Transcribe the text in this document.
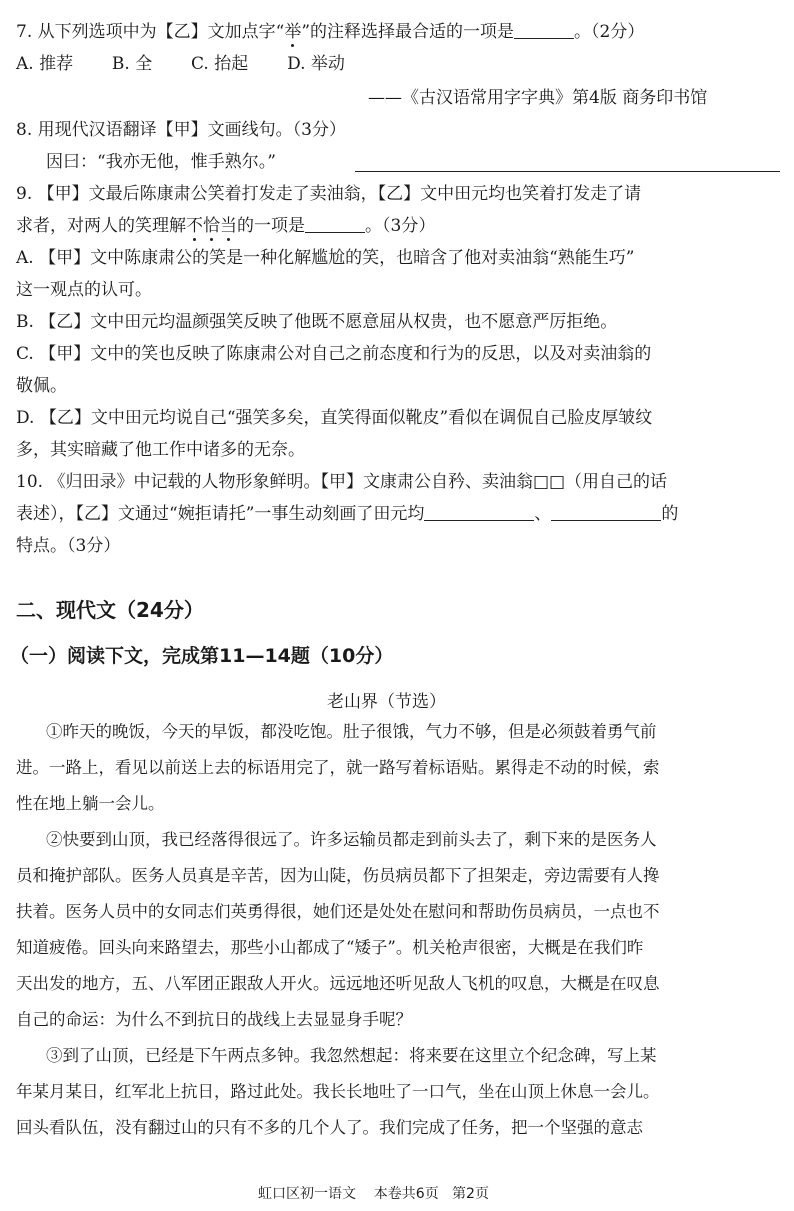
7. 从下列选项中为【乙】文加点字“举”的注释选择最合适的一项是	。（2分）
A. 推荐 B. 全 C. 抬起 D. 举动
——《古汉语常用字字典》第4版 商务印书馆
8. 用现代汉语翻译【甲】文画线句。（3分）
因曰：“我亦无他，惟手熟尔。”
9. 【甲】文最后陈康肃公笑着打发走了卖油翁，【乙】文中田元均也笑着打发走了请
求者，对两人的笑理解不恰当的一项是	。（3分）
A. 【甲】文中陈康肃公的笑是一种化解尴尬的笑，也暗含了他对卖油翁“熟能生巧”
这一观点的认可。
B. 【乙】文中田元均温颜强笑反映了他既不愿意屈从权贵，也不愿意严厉拒绝。
C. 【甲】文中的笑也反映了陈康肃公对自己之前态度和行为的反思，以及对卖油翁的
敬佩。
D. 【乙】文中田元均说自己“强笑多矣，直笑得面似靴皮”看似在调侃自己脸皮厚皱纹
多，其实暗藏了他工作中诸多的无奈。
10. 《归田录》中记载的人物形象鲜明。【甲】文康肃公自矜、卖油翁□□（用自己的话
表述），【乙】文通过“婉拒请托”一事生动刻画了田元均	、	的
特点。（3分）
二、现代文（24分）
（一）阅读下文，完成第11—14题（10分）
老山界（节选）
①昨天的晚饭，今天的早饭，都没吃饱。肚子很饿，气力不够，但是必须鼓着勇气前
进。一路上，看见以前送上去的标语用完了，就一路写着标语贴。累得走不动的时候，索
性在地上躺一会儿。
②快要到山顶，我已经落得很远了。许多运输员都走到前头去了，剩下来的是医务人
员和掩护部队。医务人员真是辛苦，因为山陡，伤员病员都下了担架走，旁边需要有人搀
扶着。医务人员中的女同志们英勇得很，她们还是处处在慰问和帮助伤员病员，一点也不
知道疲倦。回头向来路望去，那些小山都成了“矮子”。机关枪声很密，大概是在我们昨
天出发的地方，五、八军团正跟敌人开火。远远地还听见敌人飞机的叹息，大概是在叹息
自己的命运：为什么不到抗日的战线上去显显身手呢？
③到了山顶，已经是下午两点多钟。我忽然想起：将来要在这里立个纪念碑，写上某
年某月某日，红军北上抗日，路过此处。我长长地吐了一口气，坐在山顶上休息一会儿。
回头看队伍，没有翻过山的只有不多的几个人了。我们完成了任务，把一个坚强的意志
虹口区初一语文    本卷共6页   第2页
